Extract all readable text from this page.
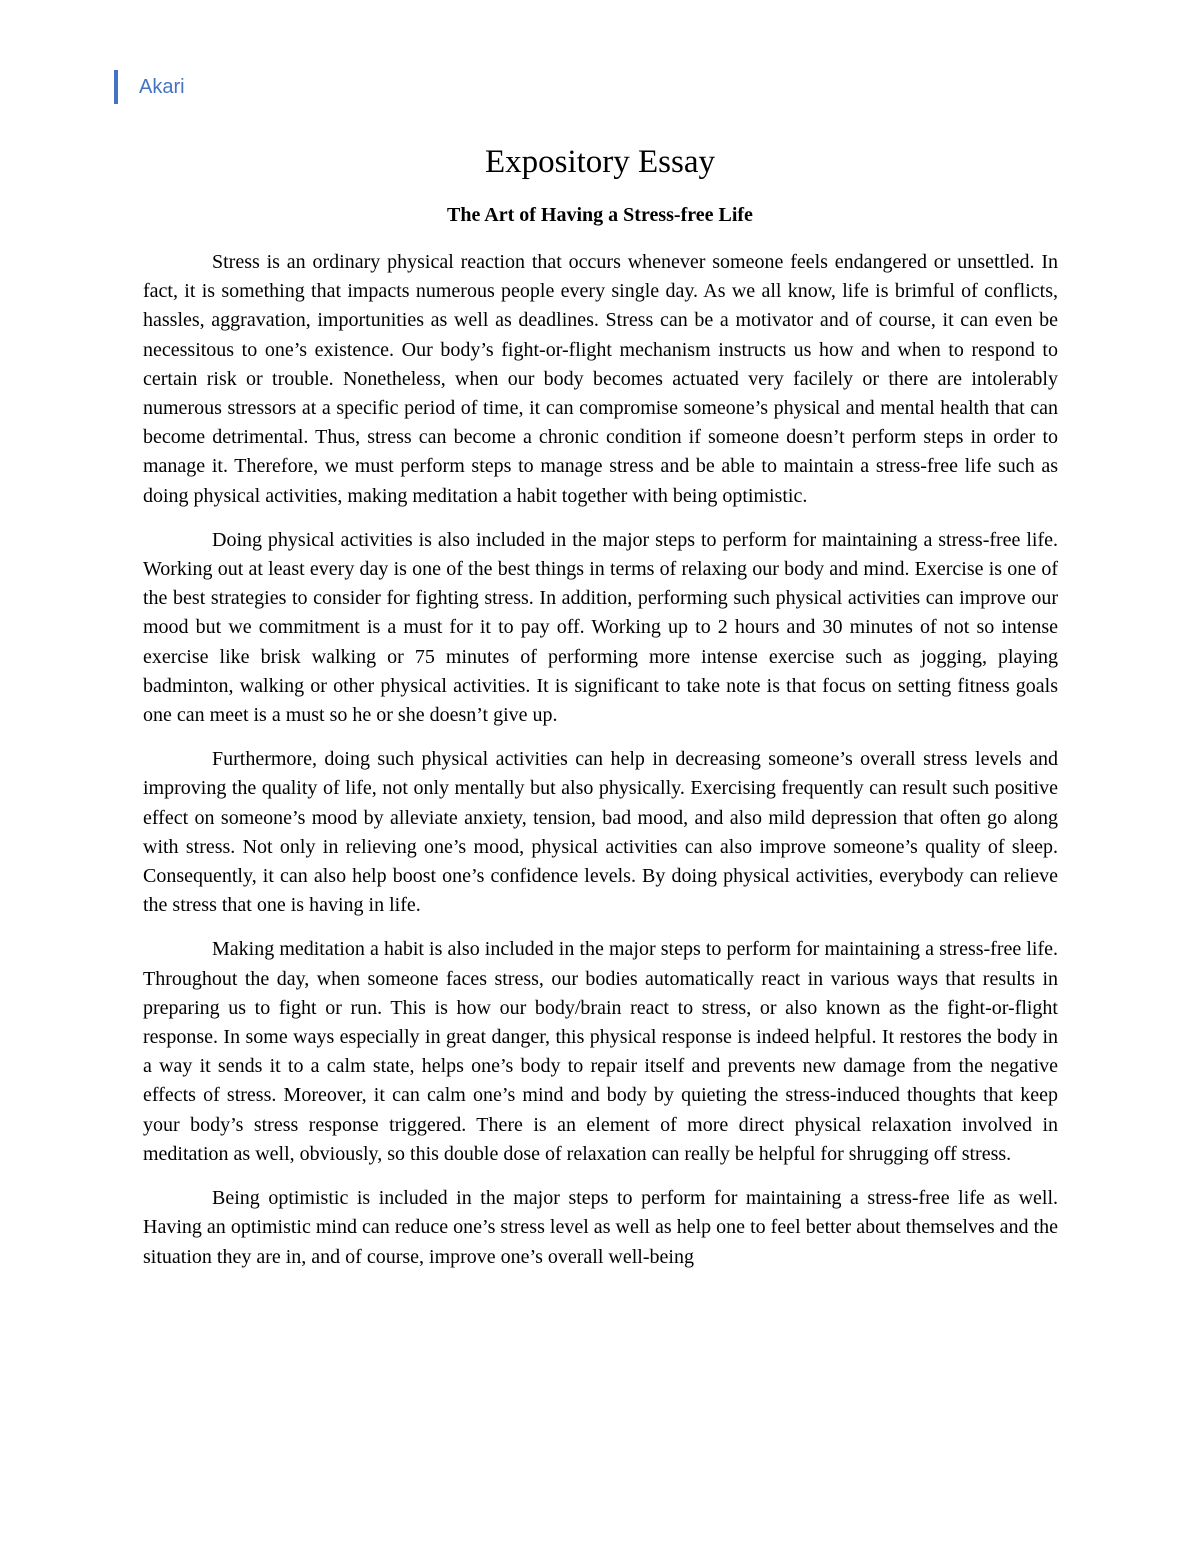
Akari
Expository Essay
The Art of Having a Stress-free Life

Stress is an ordinary physical reaction that occurs whenever someone feels endangered or unsettled. In fact, it is something that impacts numerous people every single day. As we all know, life is brimful of conflicts, hassles, aggravation, importunities as well as deadlines. Stress can be a motivator and of course, it can even be necessitous to one’s existence. Our body’s fight-or-flight mechanism instructs us how and when to respond to certain risk or trouble. Nonetheless, when our body becomes actuated very facilely or there are intolerably numerous stressors at a specific period of time, it can compromise someone’s physical and mental health that can become detrimental. Thus, stress can become a chronic condition if someone doesn’t perform steps in order to manage it. Therefore, we must perform steps to manage stress and be able to maintain a stress-free life such as doing physical activities, making meditation a habit together with being optimistic.

Doing physical activities is also included in the major steps to perform for maintaining a stress-free life. Working out at least every day is one of the best things in terms of relaxing our body and mind. Exercise is one of the best strategies to consider for fighting stress. In addition, performing such physical activities can improve our mood but we commitment is a must for it to pay off. Working up to 2 hours and 30 minutes of not so intense exercise like brisk walking or 75 minutes of performing more intense exercise such as jogging, playing badminton, walking or other physical activities. It is significant to take note is that focus on setting fitness goals one can meet is a must so he or she doesn’t give up.

Furthermore, doing such physical activities can help in decreasing someone’s overall stress levels and improving the quality of life, not only mentally but also physically. Exercising frequently can result such positive effect on someone’s mood by alleviate anxiety, tension, bad mood, and also mild depression that often go along with stress. Not only in relieving one’s mood, physical activities can also improve someone’s quality of sleep. Consequently, it can also help boost one’s confidence levels. By doing physical activities, everybody can relieve the stress that one is having in life.

Making meditation a habit is also included in the major steps to perform for maintaining a stress-free life. Throughout the day, when someone faces stress, our bodies automatically react in various ways that results in preparing us to fight or run. This is how our body/brain react to stress, or also known as the fight-or-flight response. In some ways especially in great danger, this physical response is indeed helpful. It restores the body in a way it sends it to a calm state, helps one’s body to repair itself and prevents new damage from the negative effects of stress. Moreover, it can calm one’s mind and body by quieting the stress-induced thoughts that keep your body’s stress response triggered. There is an element of more direct physical relaxation involved in meditation as well, obviously, so this double dose of relaxation can really be helpful for shrugging off stress.

Being optimistic is included in the major steps to perform for maintaining a stress-free life as well. Having an optimistic mind can reduce one’s stress level as well as help one to feel better about themselves and the situation they are in, and of course, improve one’s overall well-being
